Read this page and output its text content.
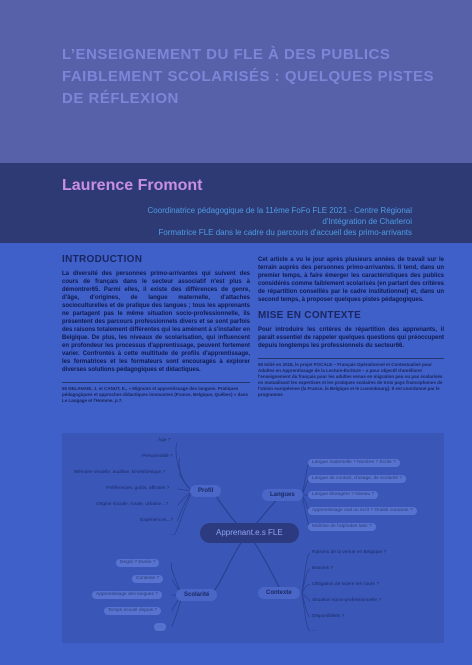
L’ENSEIGNEMENT DU FLE À DES PUBLICS FAIBLEMENT SCOLARISÉS : QUELQUES PISTES DE RÉFLEXION

Laurence Fromont

Coordinatrice pédagogique de la 11ème FoFo FLE 2021 - Centre Régional

d'Intégration de Charleroi

Formatrice FLE dans le cadre du parcours d'accueil des primo-arrivants

INTRODUCTION

La diversité des personnes primo-arrivantes qui suivent des cours de français dans le secteur associatif n'est plus à démontrer65. Parmi elles, il existe des différences de genre, d'âge, d'origines, de langue maternelle, d'attaches socioculturelles et de pratique des langues ; tous les apprenants ne partagent pas le même situation socio-professionnelle, ils présentent des parcours professionnels divers et se sont parfois des raisons totalement différentes qui les amènent à s'installer en Belgique. De plus, les niveaux de scolarisation, qui influencent en profondeur les processus d'apprentissage, peuvent fortement varier. Confrontés à cette multitude de profils d'apprentissage, les formatrices et les formateurs sont encouragés à explorer diverses solutions pédagogiques et didactiques.

65 DELAHAIE, J. et CANUT, E., « Migrants et apprentissage des langues. Pratiques pédagogiques et approches didactiques innovantes (France, Belgique, Québec) » dans Le Langage et l'Homme, p.7.

Cet article a vu le jour après plusieurs années de travail sur le terrain auprès des personnes primo-arrivantes. Il tend, dans un premier temps, à faire émerger les caractéristiques des publics considérés comme faiblement scolarisés (en partant des critères de répartition conseillés par le cadre institutionnel) et, dans un second temps, à proposer quelques pistes pédagogiques.

MISE EN CONTEXTE

Pour introduire les critères de répartition des apprenants, il paraît essentiel de rappeler quelques questions qui préoccupent depuis longtemps les professionnels du secteur66.

66 Initié en 2018, le projet FOCALE – Français Opérationnel et Contextualisé pour Adultes en Apprentissage de la Lecture-Écriture – a pour objectif d'améliorer l'enseignement du français pour les adultes venus en migration peu ou pas scolarisés en mutualisant les expertises et les pratiques scolaires de trois pays francophones de l'Union européenne (la France, la Belgique et le Luxembourg). Il est coordonné par le programme

Apprenant.e.s FLE
Profil
Âge ?
Personnalité ?
Mémoire visuelle, auditive, kinesthésique ?
Préférences, goûts, affinités ?
Origine sociale, rurale, urbaine...?
Expériences...?
...
Langues
Langue maternelle ? Nombre ? Écrite ?
Langue de contact, d'usage, de scolarité ?
Langue étrangère ? Niveau ?
Apprentissage oral ou écrit ? Oralité courante ?
Maîtrise de l'alphabet latin ?
Contexte
Raisons de la venue en Belgique ?
Besoins ?
Obligation de suivre les cours ?
Situation socio-professionnelle ?
Disponibilités ?
...
Scolarité
Degré ? Durée ?
Contexte ?
Apprentissage des langues ?
Temps écoulé depuis ?
...
